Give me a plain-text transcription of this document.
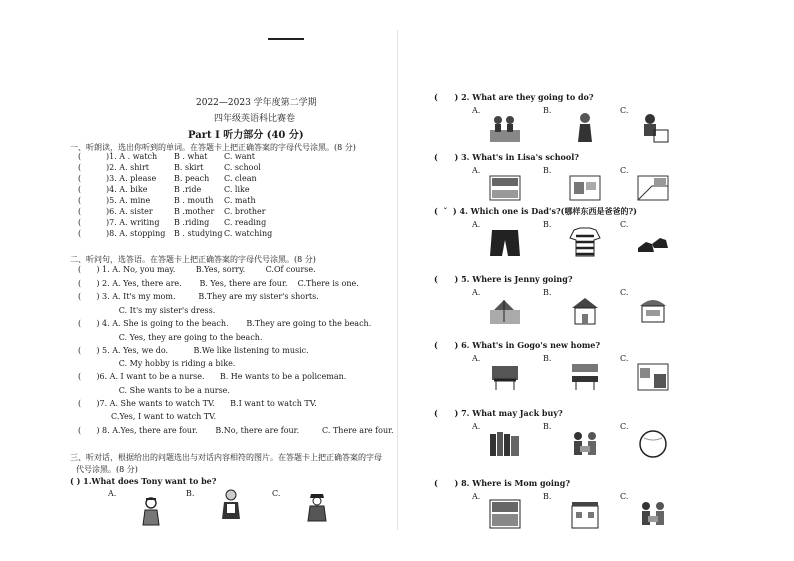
2022—2023 学年度第二学期
四年级英语科比赛卷
Part Ⅰ 听力部分 (40 分)
一、听朗读，选出你听到的单词。在答题卡上把正确答案的字母代号涂黑。(8 分)
(	)1. A . watch B . what C. want
(	)2. A. shirt	B. skirt	C. school
(	)3. A. please B. peach C. clean
(	)4. A. bike	B .ride	C. like
(	)5. A. mine	B . mouth C. math
(	)6. A. sister	B .mother C. brother
(	)7. A. writing B .riding C. reading
(	)8. A. stopping B . studying C. watching
二、听问句，选答语。在答题卡上把正确答案的字母代号涂黑。(8 分)
(      ) 1. A. No, you may.        B.Yes, sorry.        C.Of course.
(      ) 2. A. Yes, there are.       B. Yes, there are four.    C.There is one.
(      ) 3. A. It's my mom.         B.They are my sister's shorts.
C. It's my sister's dress.
(      ) 4. A. She is going to the beach.       B.They are going to the beach.
C. Yes, they are going to the beach.
(      ) 5. A. Yes, we do.          B.We like listening to music.
C. My hobby is riding a bike.
(      )6. A. I want to be a nurse.      B. He wants to be a policeman.
C. She wants to be a nurse.
(      )7. A. She wants to watch TV.      B.I want to watch TV.
C.Yes, I want to watch TV.
(      ) 8. A.Yes, there are four.       B.No, there are four.         C. There are four.
三、听对话，根据给出的问题选出与对话内容相符的图片。在答题卡上把正确答案的字母
代号涂黑。(8 分)
( ) 1.What does Tony want to be?
A.	B.	C.
(      ) 2. What are they going to do?
A.	B.	C.
(      ) 3. What's in Lisa's school?
A.	B.	C.
(  ˇ  ) 4. Which one is Dad's?(哪样东西是爸爸的?)
A.	B.	C.
(      ) 5. Where is Jenny going?
A.	B.	C.
(      ) 6. What's in Gogo's new home?
A.	B.	C.
(      ) 7. What may Jack buy?
A.	B.	C.
(      ) 8. Where is Mom going?
A.	B.	C.
